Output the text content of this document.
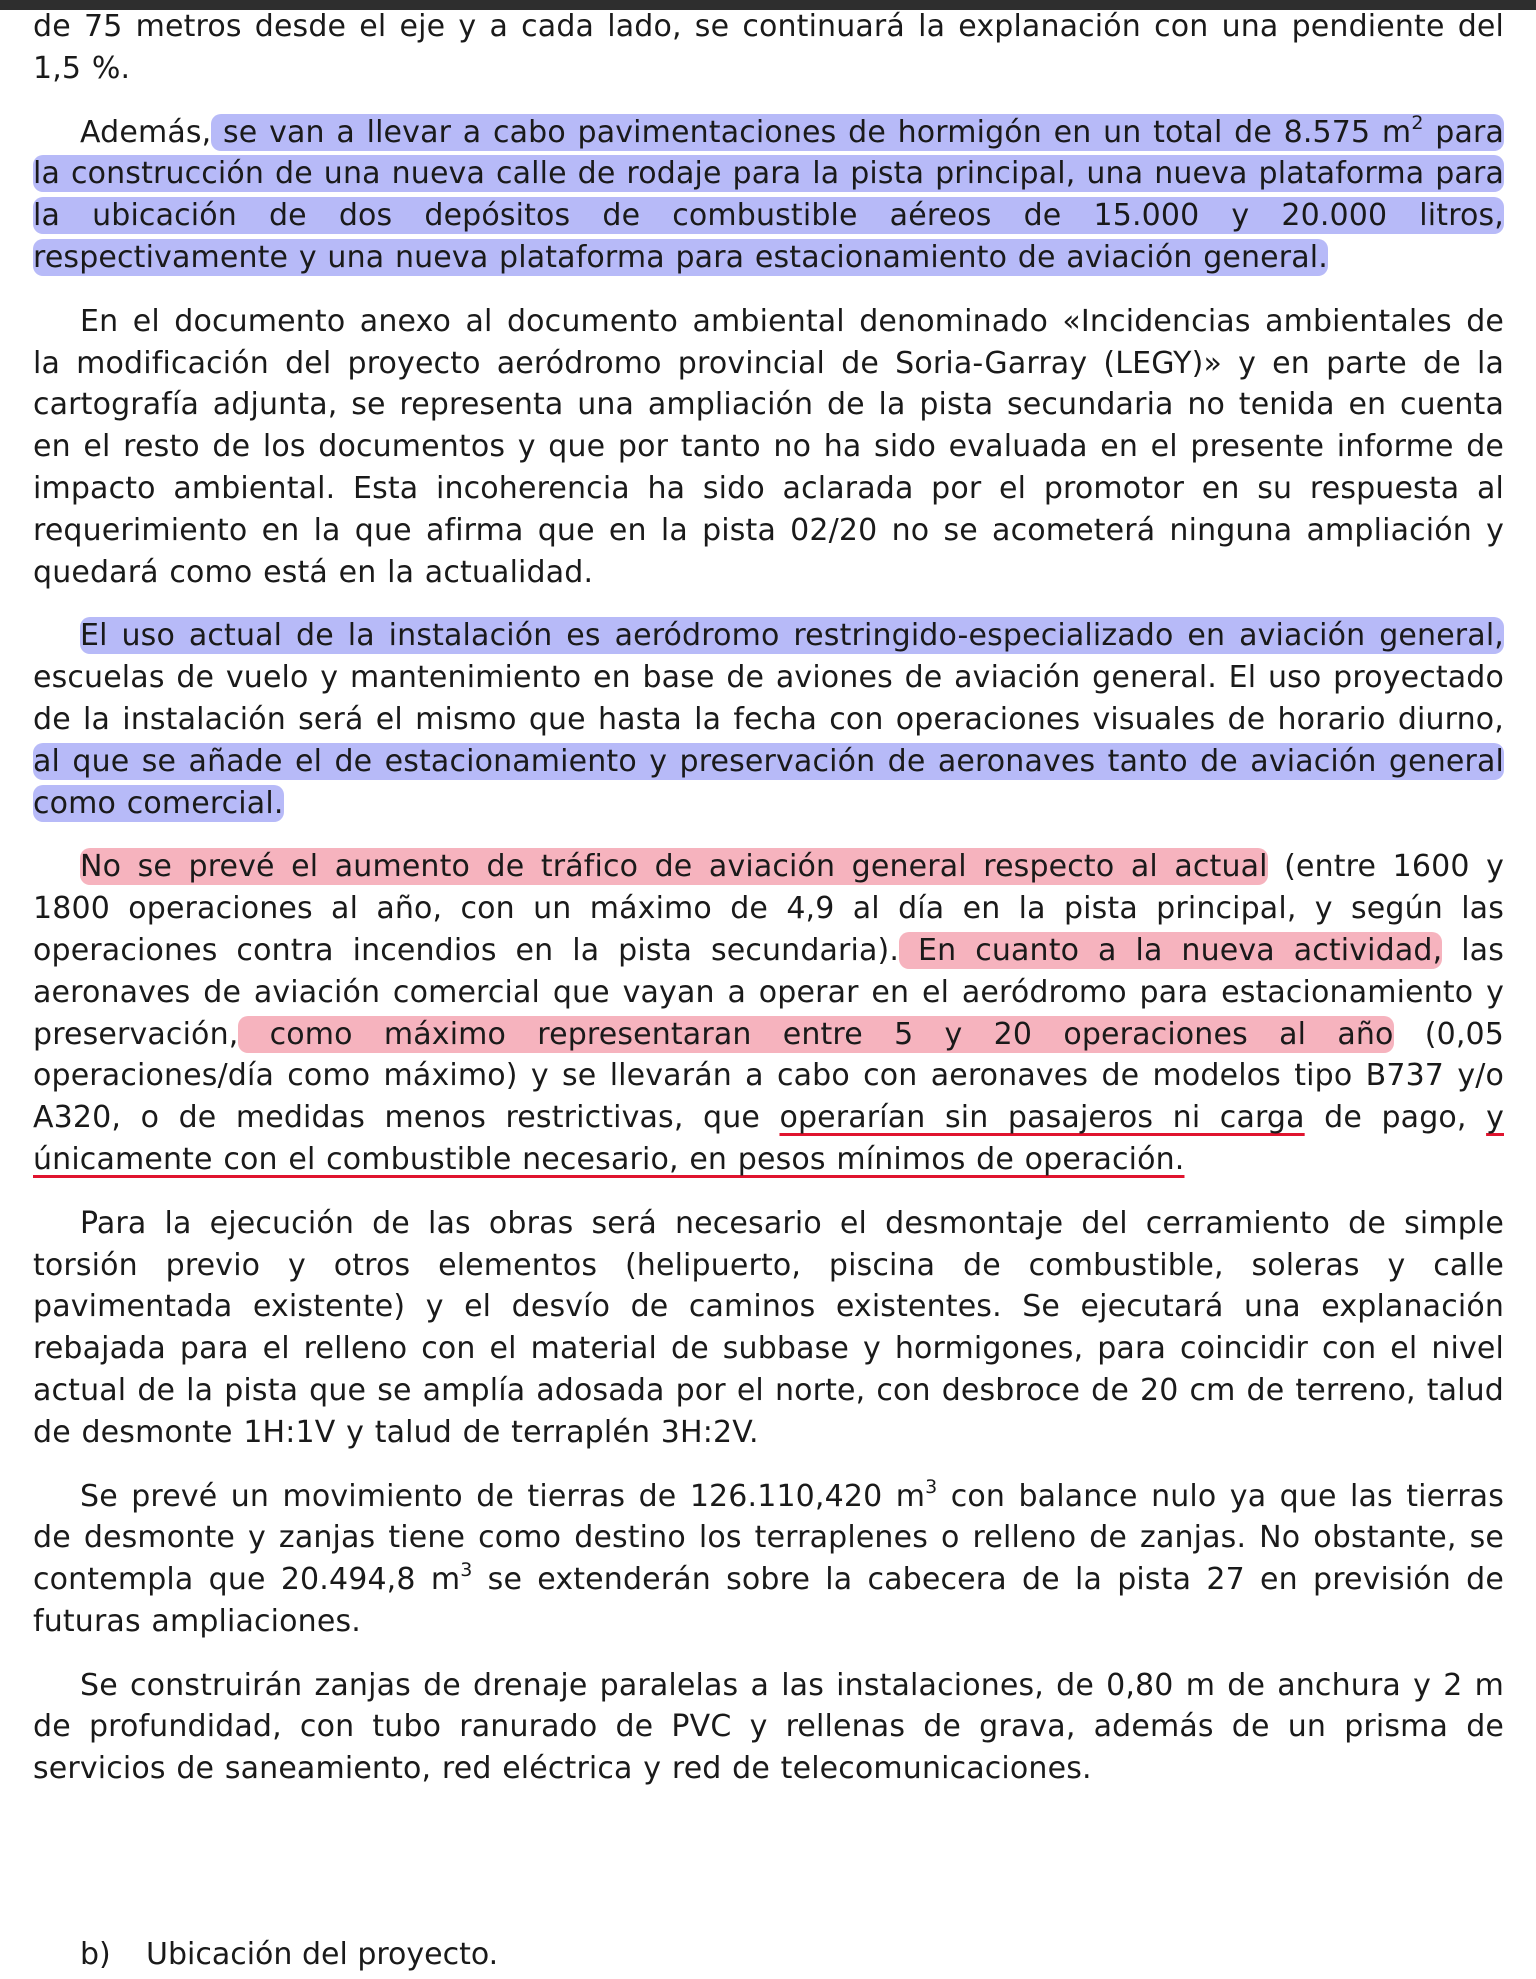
de 75 metros desde el eje y a cada lado, se continuará la explanación con una pendiente del 1,5 %.

Además, se van a llevar a cabo pavimentaciones de hormigón en un total de 8.575 $m^2$ para la construcción de una nueva calle de rodaje para la pista principal, una nueva plataforma para la ubicación de dos depósitos de combustible aéreos de 15.000 y 20.000 litros, respectivamente y una nueva plataforma para estacionamiento de aviación general.

En el documento anexo al documento ambiental denominado «Incidencias ambientales de la modificación del proyecto aeródromo provincial de Soria-Garray (LEGY)» y en parte de la cartografía adjunta, se representa una ampliación de la pista secundaria no tenida en cuenta en el resto de los documentos y que por tanto no ha sido evaluada en el presente informe de impacto ambiental. Esta incoherencia ha sido aclarada por el promotor en su respuesta al requerimiento en la que afirma que en la pista 02/20 no se acometerá ninguna ampliación y quedará como está en la actualidad.

El uso actual de la instalación es aeródromo restringido-especializado en aviación general, escuelas de vuelo y mantenimiento en base de aviones de aviación general. El uso proyectado de la instalación será el mismo que hasta la fecha con operaciones visuales de horario diurno, al que se añade el de estacionamiento y preservación de aeronaves tanto de aviación general como comercial.

No se prevé el aumento de tráfico de aviación general respecto al actual (entre 1600 y 1800 operaciones al año, con un máximo de 4,9 al día en la pista principal, y según las operaciones contra incendios en la pista secundaria). En cuanto a la nueva actividad, las aeronaves de aviación comercial que vayan a operar en el aeródromo para estacionamiento y preservación, como máximo representaran entre 5 y 20 operaciones al año (0,05 operaciones/día como máximo) y se llevarán a cabo con aeronaves de modelos tipo B737 y/o A320, o de medidas menos restrictivas, que operarían sin pasajeros ni carga de pago, y únicamente con el combustible necesario, en pesos mínimos de operación.

Para la ejecución de las obras será necesario el desmontaje del cerramiento de simple torsión previo y otros elementos (helipuerto, piscina de combustible, soleras y calle pavimentada existente) y el desvío de caminos existentes. Se ejecutará una explanación rebajada para el relleno con el material de subbase y hormigones, para coincidir con el nivel actual de la pista que se amplía adosada por el norte, con desbroce de 20 cm de terreno, talud de desmonte 1H:1V y talud de terraplén 3H:2V.

Se prevé un movimiento de tierras de 126.110,420 $m^3$ con balance nulo ya que las tierras de desmonte y zanjas tiene como destino los terraplenes o relleno de zanjas. No obstante, se contempla que 20.494,8 $m^3$ se extenderán sobre la cabecera de la pista 27 en previsión de futuras ampliaciones.

Se construirán zanjas de drenaje paralelas a las instalaciones, de 0,80 m de anchura y 2 m de profundidad, con tubo ranurado de PVC y rellenas de grava, además de un prisma de servicios de saneamiento, red eléctrica y red de telecomunicaciones.

b) Ubicación del proyecto.
